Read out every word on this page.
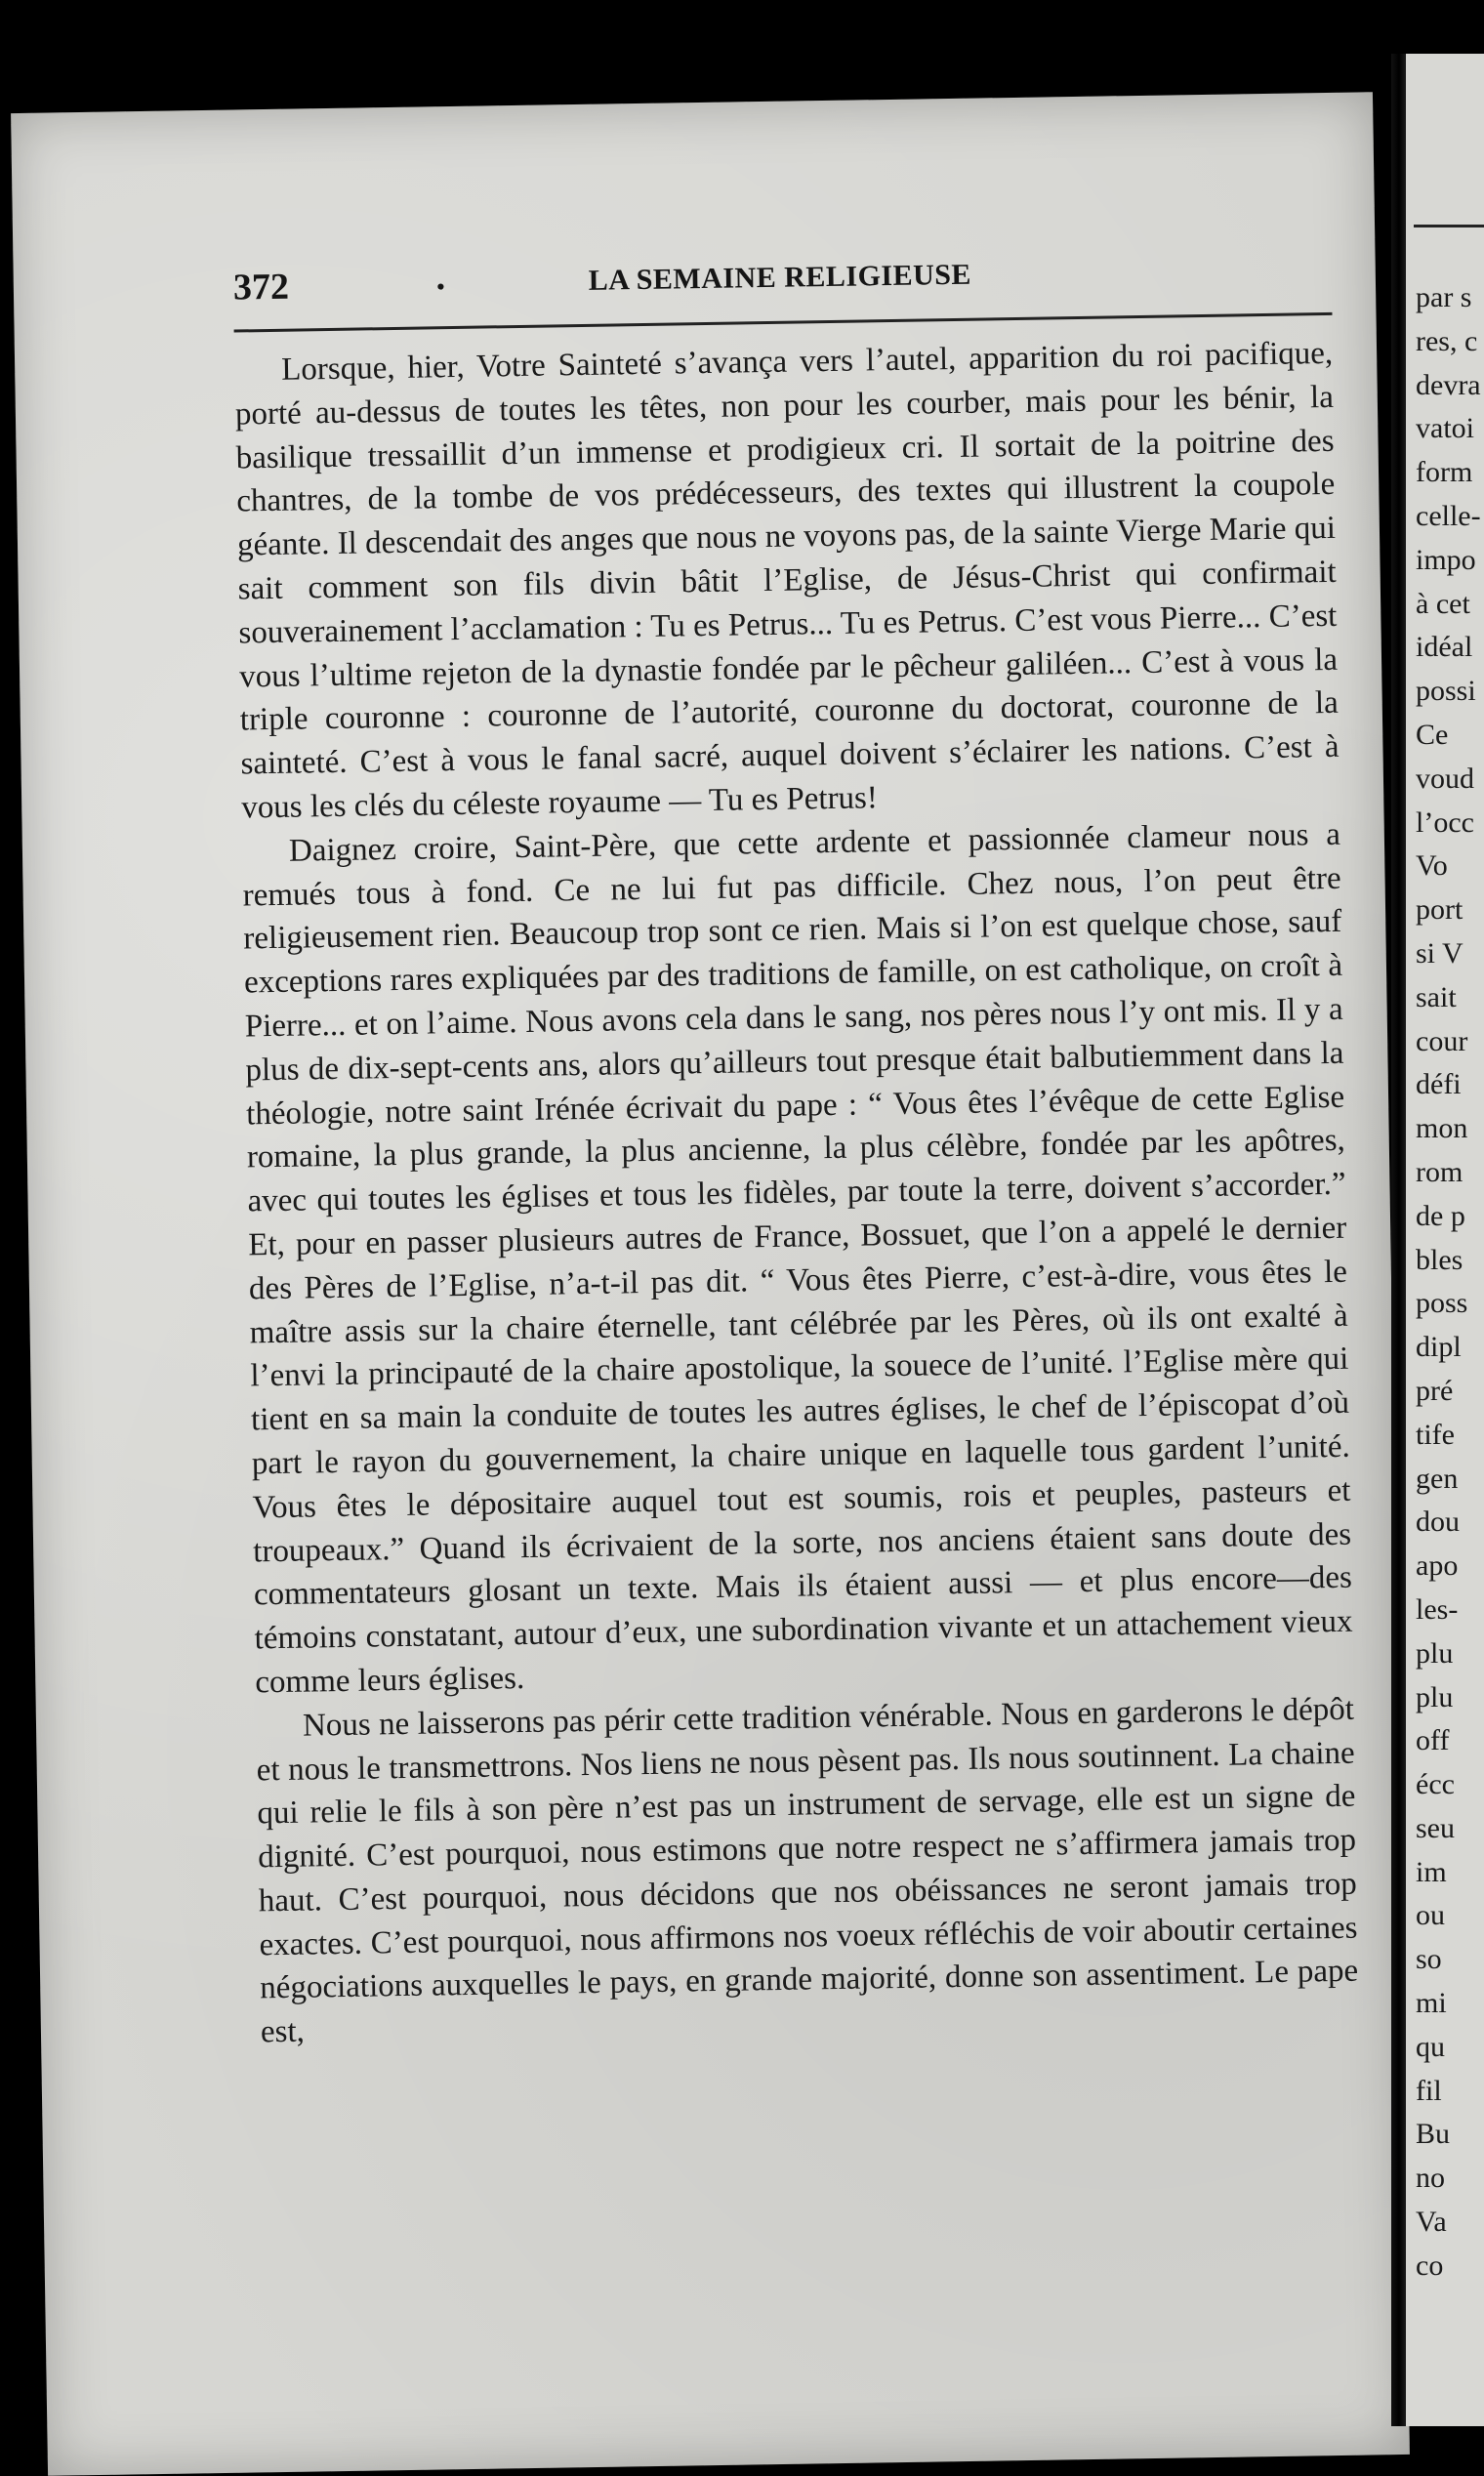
372	•	LA SEMAINE RELIGIEUSE

Lorsque, hier, Votre Sainteté s’avança vers l’autel, apparition du roi pacifique, porté au-dessus de toutes les têtes, non pour les courber, mais pour les bénir, la basilique tressaillit d’un immense et prodigieux cri. Il sortait de la poitrine des chantres, de la tombe de vos prédécesseurs, des textes qui illustrent la coupole géante. Il descendait des anges que nous ne voyons pas, de la sainte Vierge Marie qui sait comment son fils divin bâtit l’Eglise, de Jésus-Christ qui confirmait souverainement l’acclamation : Tu es Petrus... Tu es Petrus. C’est vous Pierre... C’est vous l’ultime rejeton de la dynastie fondée par le pêcheur galiléen... C’est à vous la triple couronne : couronne de l’autorité, couronne du doctorat, couronne de la sainteté. C’est à vous le fanal sacré, auquel doivent s’éclairer les nations. C’est à vous les clés du céleste royaume — Tu es Petrus!

Daignez croire, Saint-Père, que cette ardente et passionnée clameur nous a remués tous à fond. Ce ne lui fut pas difficile. Chez nous, l’on peut être religieusement rien. Beaucoup trop sont ce rien. Mais si l’on est quelque chose, sauf exceptions rares expliquées par des traditions de famille, on est catholique, on croît à Pierre... et on l’aime. Nous avons cela dans le sang, nos pères nous l’y ont mis. Il y a plus de dix-sept-cents ans, alors qu’ailleurs tout presque était balbutiemment dans la théologie, notre saint Irénée écrivait du pape : “ Vous êtes l’évêque de cette Eglise romaine, la plus grande, la plus ancienne, la plus célèbre, fondée par les apôtres, avec qui toutes les églises et tous les fidèles, par toute la terre, doivent s’accorder.” Et, pour en passer plusieurs autres de France, Bossuet, que l’on a appelé le dernier des Pères de l’Eglise, n’a-t-il pas dit. “ Vous êtes Pierre, c’est-à-dire, vous êtes le maître assis sur la chaire éternelle, tant célébrée par les Pères, où ils ont exalté à l’envi la principauté de la chaire apostolique, la souece de l’unité. l’Eglise mère qui tient en sa main la conduite de toutes les autres églises, le chef de l’épiscopat d’où part le rayon du gouvernement, la chaire unique en laquelle tous gardent l’unité. Vous êtes le dépositaire auquel tout est soumis, rois et peuples, pasteurs et troupeaux.” Quand ils écrivaient de la sorte, nos anciens étaient sans doute des commentateurs glosant un texte. Mais ils étaient aussi — et plus encore—des témoins constatant, autour d’eux, une subordination vivante et un attachement vieux comme leurs églises.

Nous ne laisserons pas périr cette tradition vénérable. Nous en garderons le dépôt et nous le transmettrons. Nos liens ne nous pèsent pas. Ils nous soutinnent. La chaine qui relie le fils à son père n’est pas un instrument de servage, elle est un signe de dignité. C’est pourquoi, nous estimons que notre respect ne s’affirmera jamais trop haut. C’est pourquoi, nous décidons que nos obéissances ne seront jamais trop exactes. C’est pourquoi, nous affirmons nos voeux réfléchis de voir aboutir certaines négociations auxquelles le pays, en grande majorité, donne son assentiment. Le pape est,

par s
res, c
devra
vatoi
form
celle-
impo
à cet
idéal
possi
Ce
voud
l’occ
Vo
port
si V
sait
cour
défi
mon
rom
de p
bles
poss
dipl
pré
tife
gen
dou
apo
les-
plu
plu
off
écc
seu
im
ou
so
mi
qu
fil
Bu
no
Va
co
